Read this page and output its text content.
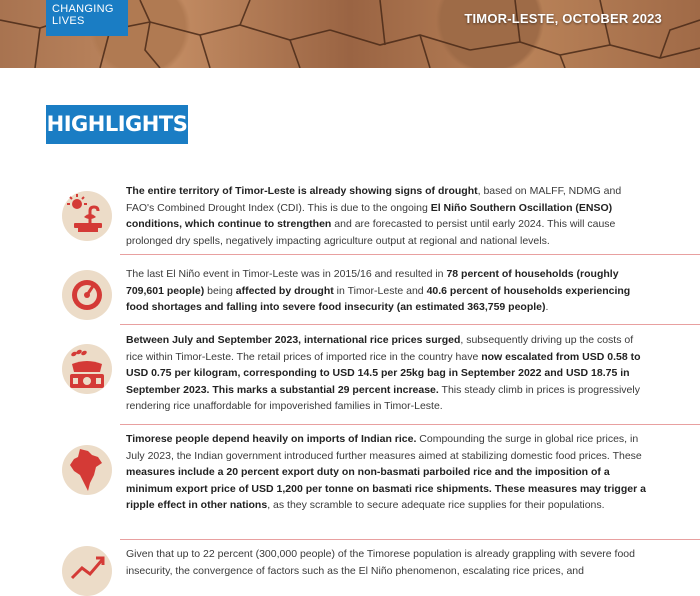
CHANGING
LIVES	TIMOR-LESTE, OCTOBER 2023
HIGHLIGHTS
The entire territory of Timor-Leste is already showing signs of drought, based on MALFF, NDMG and FAO's Combined Drought Index (CDI). This is due to the ongoing El Niño Southern Oscillation (ENSO) conditions, which continue to strengthen and are forecasted to persist until early 2024. This will cause prolonged dry spells, negatively impacting agriculture output at regional and national levels.
The last El Niño event in Timor-Leste was in 2015/16 and resulted in 78 percent of households (roughly 709,601 people) being affected by drought in Timor-Leste and 40.6 percent of households experiencing food shortages and falling into severe food insecurity (an estimated 363,759 people).
Between July and September 2023, international rice prices surged, subsequently driving up the costs of rice within Timor-Leste. The retail prices of imported rice in the country have now escalated from USD 0.58 to USD 0.75 per kilogram, corresponding to USD 14.5 per 25kg bag in September 2022 and USD 18.75 in September 2023. This marks a substantial 29 percent increase. This steady climb in prices is progressively rendering rice unaffordable for impoverished families in Timor-Leste.
Timorese people depend heavily on imports of Indian rice. Compounding the surge in global rice prices, in July 2023, the Indian government introduced further measures aimed at stabilizing domestic food prices. These measures include a 20 percent export duty on non-basmati parboiled rice and the imposition of a minimum export price of USD 1,200 per tonne on basmati rice shipments. These measures may trigger a ripple effect in other nations, as they scramble to secure adequate rice supplies for their populations.
Given that up to 22 percent (300,000 people) of the Timorese population is already grappling with severe food insecurity, the convergence of factors such as the El Niño phenomenon, escalating rice prices, and
